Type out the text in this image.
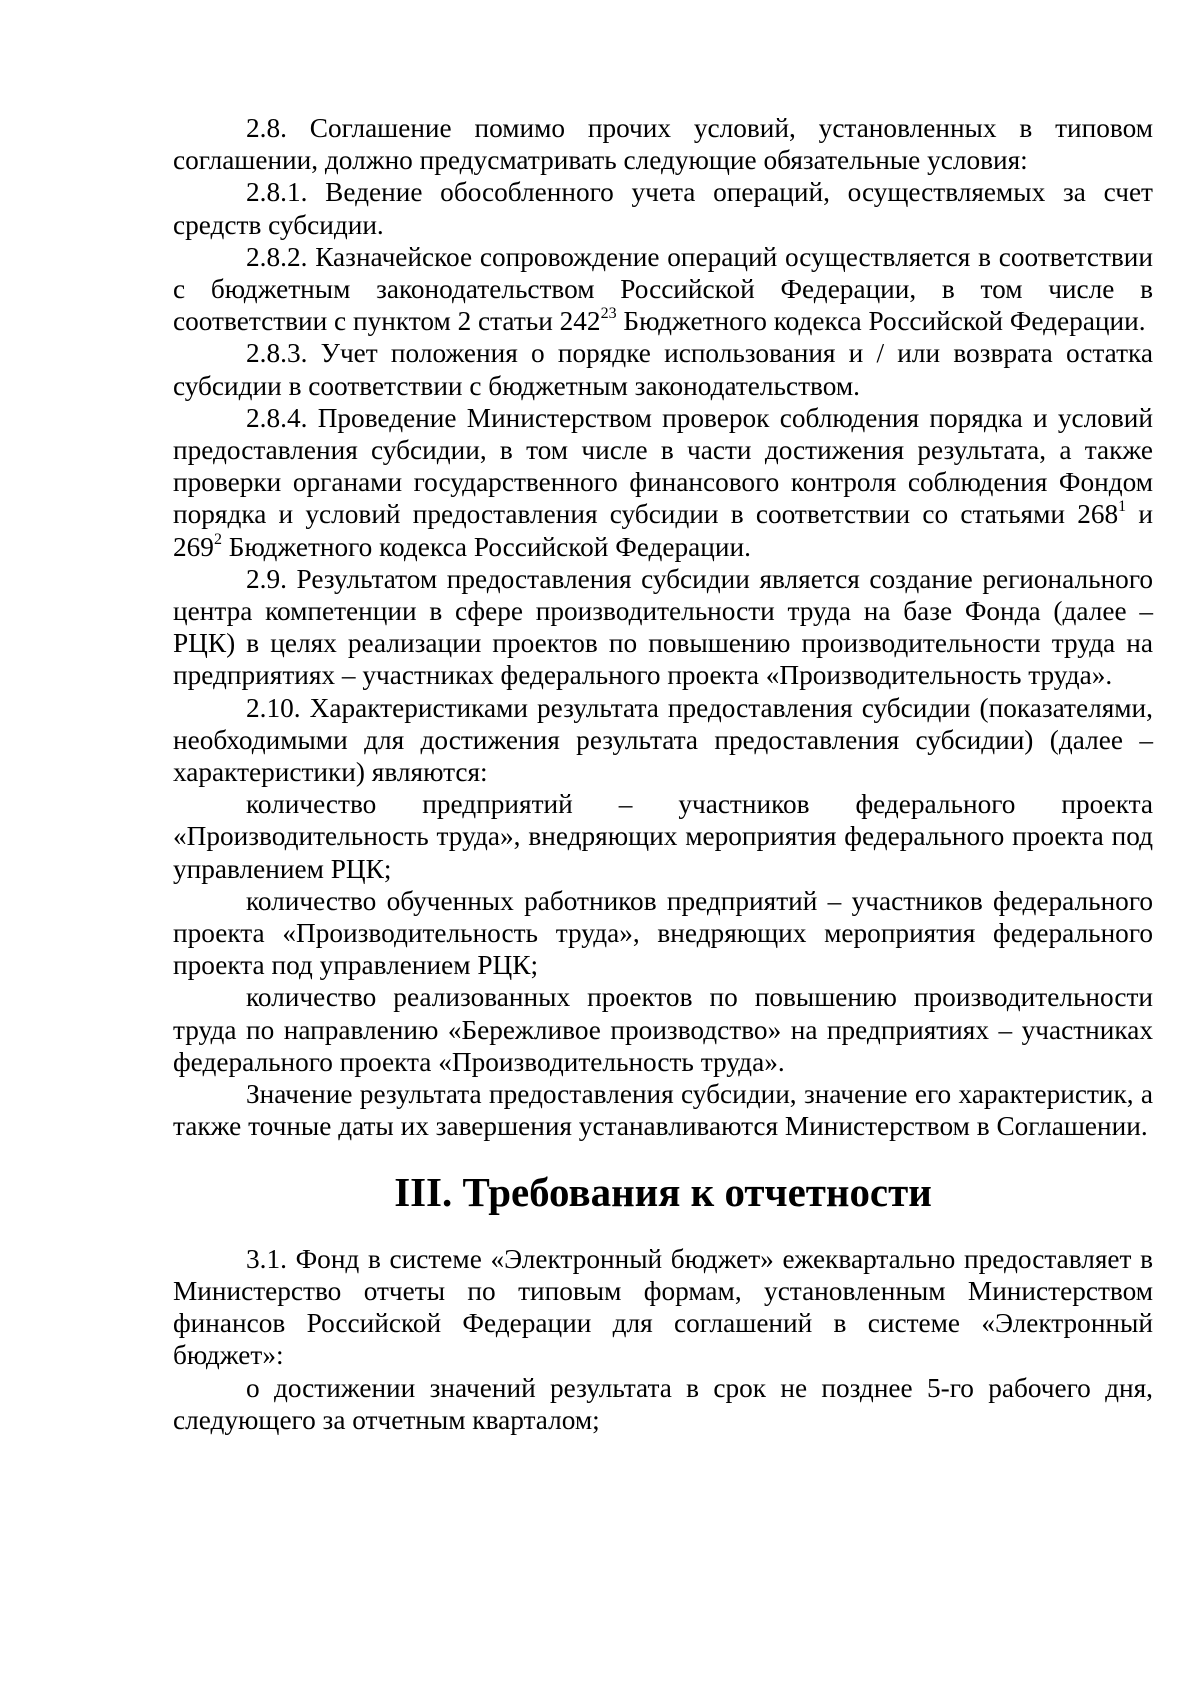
2.8. Соглашение помимо прочих условий, установленных в типовом соглашении, должно предусматривать следующие обязательные условия:

2.8.1. Ведение обособленного учета операций, осуществляемых за счет средств субсидии.

2.8.2. Казначейское сопровождение операций осуществляется в соответствии с бюджетным законодательством Российской Федерации, в том числе в соответствии с пунктом 2 статьи $242^{23}$ Бюджетного кодекса Российской Федерации.

2.8.3. Учет положения о порядке использования и / или возврата остатка субсидии в соответствии с бюджетным законодательством.

2.8.4. Проведение Министерством проверок соблюдения порядка и условий предоставления субсидии, в том числе в части достижения результата, а также проверки органами государственного финансового контроля соблюдения Фондом порядка и условий предоставления субсидии в соответствии со статьями $268^1$ и $269^2$ Бюджетного кодекса Российской Федерации.

2.9. Результатом предоставления субсидии является создание регионального центра компетенции в сфере производительности труда на базе Фонда (далее – РЦК) в целях реализации проектов по повышению производительности труда на предприятиях – участниках федерального проекта «Производительность труда».

2.10. Характеристиками результата предоставления субсидии (показателями, необходимыми для достижения результата предоставления субсидии) (далее – характеристики) являются:

количество предприятий – участников федерального проекта «Производительность труда», внедряющих мероприятия федерального проекта под управлением РЦК;

количество обученных работников предприятий – участников федерального проекта «Производительность труда», внедряющих мероприятия федерального проекта под управлением РЦК;

количество реализованных проектов по повышению производительности труда по направлению «Бережливое производство» на предприятиях – участниках федерального проекта «Производительность труда».

Значение результата предоставления субсидии, значение его характеристик, а также точные даты их завершения устанавливаются Министерством в Соглашении.

III. Требования к отчетности

3.1. Фонд в системе «Электронный бюджет» ежеквартально предоставляет в Министерство отчеты по типовым формам, установленным Министерством финансов Российской Федерации для соглашений в системе «Электронный бюджет»:

о достижении значений результата в срок не позднее 5-го рабочего дня, следующего за отчетным кварталом;
